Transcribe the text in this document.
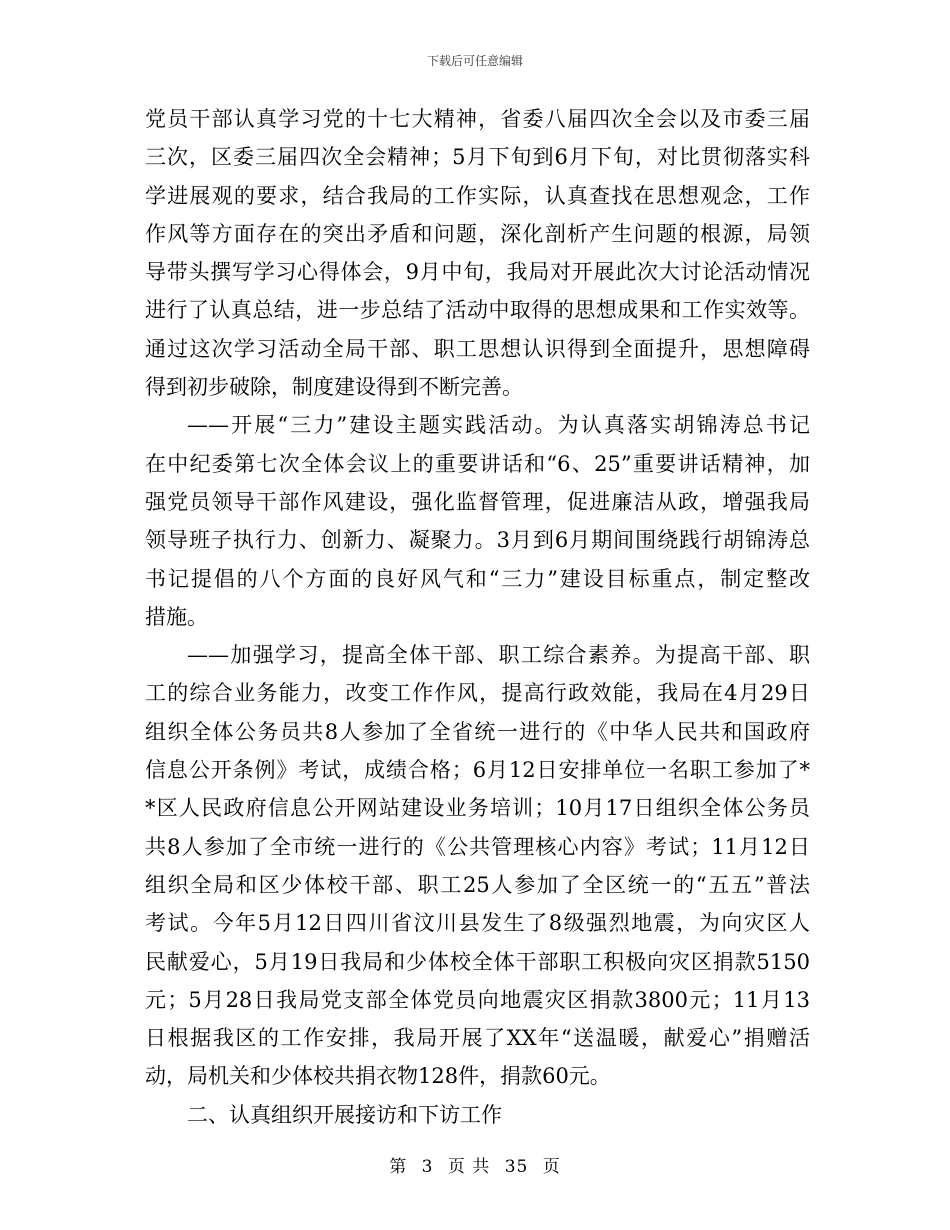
下载后可任意编辑
党员干部认真学习党的十七大精神，省委八届四次全会以及市委三届
三次，区委三届四次全会精神；5月下旬到6月下旬，对比贯彻落实科
学进展观的要求，结合我局的工作实际，认真查找在思想观念，工作
作风等方面存在的突出矛盾和问题，深化剖析产生问题的根源，局领
导带头撰写学习心得体会，9月中旬，我局对开展此次大讨论活动情况
进行了认真总结，进一步总结了活动中取得的思想成果和工作实效等。
通过这次学习活动全局干部、职工思想认识得到全面提升，思想障碍
得到初步破除，制度建设得到不断完善。
——开展“三力”建设主题实践活动。为认真落实胡锦涛总书记
在中纪委第七次全体会议上的重要讲话和“6、25”重要讲话精神，加
强党员领导干部作风建设，强化监督管理，促进廉洁从政，增强我局
领导班子执行力、创新力、凝聚力。3月到6月期间围绕践行胡锦涛总
书记提倡的八个方面的良好风气和“三力”建设目标重点，制定整改
措施。
——加强学习，提高全体干部、职工综合素养。为提高干部、职
工的综合业务能力，改变工作作风，提高行政效能，我局在4月29日
组织全体公务员共8人参加了全省统一进行的《中华人民共和国政府
信息公开条例》考试，成绩合格；6月12日安排单位一名职工参加了*
*区人民政府信息公开网站建设业务培训；10月17日组织全体公务员
共8人参加了全市统一进行的《公共管理核心内容》考试；11月12日
组织全局和区少体校干部、职工25人参加了全区统一的“五五”普法
考试。今年5月12日四川省汶川县发生了8级强烈地震，为向灾区人
民献爱心，5月19日我局和少体校全体干部职工积极向灾区捐款5150
元；5月28日我局党支部全体党员向地震灾区捐款3800元；11月13
日根据我区的工作安排，我局开展了XX年“送温暖，献爱心”捐赠活
动，局机关和少体校共捐衣物128件，捐款60元。
二、认真组织开展接访和下访工作
第 3 页 共 35 页
